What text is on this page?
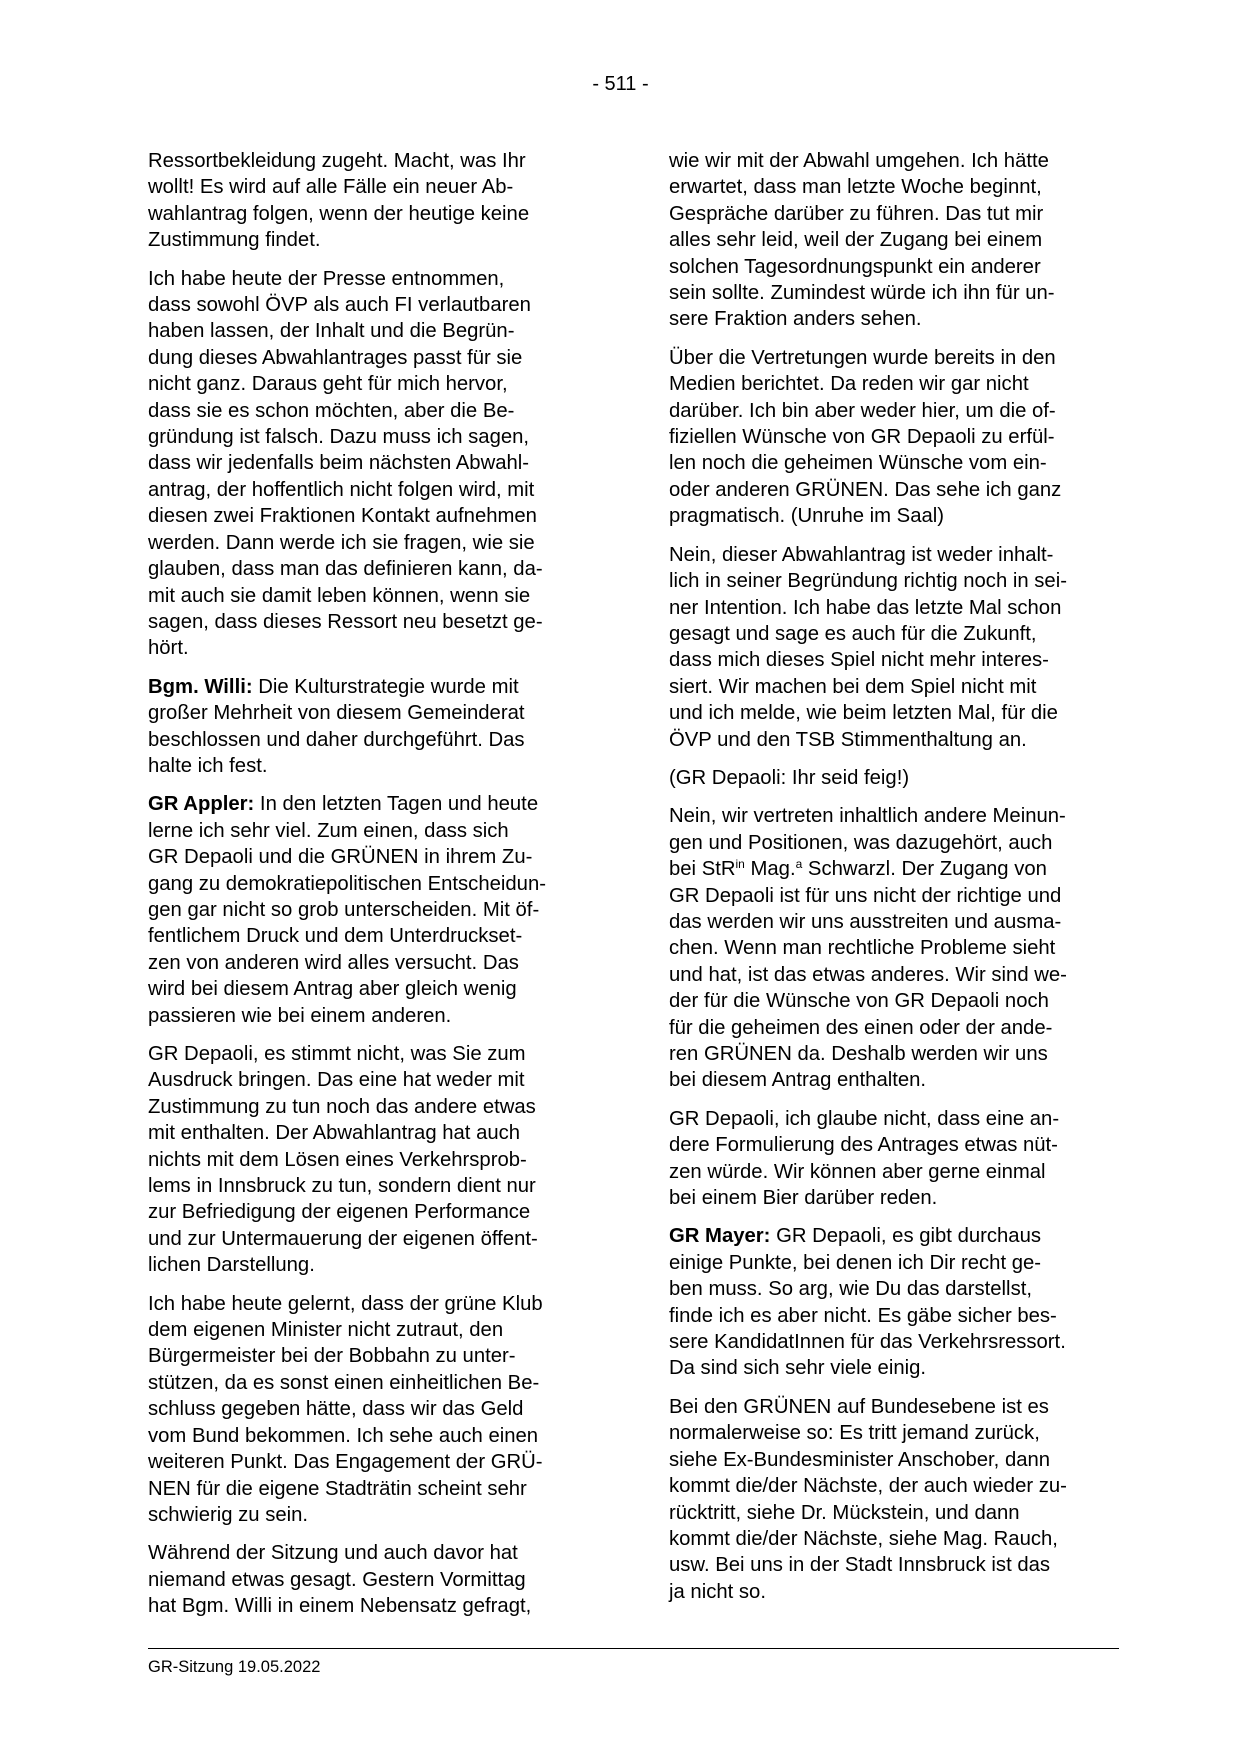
- 511 -

Ressortbekleidung zugeht. Macht, was Ihr
wollt! Es wird auf alle Fälle ein neuer Ab-
wahlantrag folgen, wenn der heutige keine
Zustimmung findet.

Ich habe heute der Presse entnommen,
dass sowohl ÖVP als auch FI verlautbaren
haben lassen, der Inhalt und die Begrün-
dung dieses Abwahlantrages passt für sie
nicht ganz. Daraus geht für mich hervor,
dass sie es schon möchten, aber die Be-
gründung ist falsch. Dazu muss ich sagen,
dass wir jedenfalls beim nächsten Abwahl-
antrag, der hoffentlich nicht folgen wird, mit
diesen zwei Fraktionen Kontakt aufnehmen
werden. Dann werde ich sie fragen, wie sie
glauben, dass man das definieren kann, da-
mit auch sie damit leben können, wenn sie
sagen, dass dieses Ressort neu besetzt ge-
hört.

Bgm. Willi: Die Kulturstrategie wurde mit
großer Mehrheit von diesem Gemeinderat
beschlossen und daher durchgeführt. Das
halte ich fest.

GR Appler: In den letzten Tagen und heute
lerne ich sehr viel. Zum einen, dass sich
GR Depaoli und die GRÜNEN in ihrem Zu-
gang zu demokratiepolitischen Entscheidun-
gen gar nicht so grob unterscheiden. Mit öf-
fentlichem Druck und dem Unterdruckset-
zen von anderen wird alles versucht. Das
wird bei diesem Antrag aber gleich wenig
passieren wie bei einem anderen.

GR Depaoli, es stimmt nicht, was Sie zum
Ausdruck bringen. Das eine hat weder mit
Zustimmung zu tun noch das andere etwas
mit enthalten. Der Abwahlantrag hat auch
nichts mit dem Lösen eines Verkehrsprob-
lems in Innsbruck zu tun, sondern dient nur
zur Befriedigung der eigenen Performance
und zur Untermauerung der eigenen öffent-
lichen Darstellung.

Ich habe heute gelernt, dass der grüne Klub
dem eigenen Minister nicht zutraut, den
Bürgermeister bei der Bobbahn zu unter-
stützen, da es sonst einen einheitlichen Be-
schluss gegeben hätte, dass wir das Geld
vom Bund bekommen. Ich sehe auch einen
weiteren Punkt. Das Engagement der GRÜ-
NEN für die eigene Stadträtin scheint sehr
schwierig zu sein.

Während der Sitzung und auch davor hat
niemand etwas gesagt. Gestern Vormittag
hat Bgm. Willi in einem Nebensatz gefragt,

wie wir mit der Abwahl umgehen. Ich hätte
erwartet, dass man letzte Woche beginnt,
Gespräche darüber zu führen. Das tut mir
alles sehr leid, weil der Zugang bei einem
solchen Tagesordnungspunkt ein anderer
sein sollte. Zumindest würde ich ihn für un-
sere Fraktion anders sehen.

Über die Vertretungen wurde bereits in den
Medien berichtet. Da reden wir gar nicht
darüber. Ich bin aber weder hier, um die of-
fiziellen Wünsche von GR Depaoli zu erfül-
len noch die geheimen Wünsche vom ein-
oder anderen GRÜNEN. Das sehe ich ganz
pragmatisch. (Unruhe im Saal)

Nein, dieser Abwahlantrag ist weder inhalt-
lich in seiner Begründung richtig noch in sei-
ner Intention. Ich habe das letzte Mal schon
gesagt und sage es auch für die Zukunft,
dass mich dieses Spiel nicht mehr interes-
siert. Wir machen bei dem Spiel nicht mit
und ich melde, wie beim letzten Mal, für die
ÖVP und den TSB Stimmenthaltung an.

(GR Depaoli: Ihr seid feig!)

Nein, wir vertreten inhaltlich andere Meinun-
gen und Positionen, was dazugehört, auch
bei StR$^{in}$ Mag.$^a$ Schwarzl. Der Zugang von
GR Depaoli ist für uns nicht der richtige und
das werden wir uns ausstreiten und ausma-
chen. Wenn man rechtliche Probleme sieht
und hat, ist das etwas anderes. Wir sind we-
der für die Wünsche von GR Depaoli noch
für die geheimen des einen oder der ande-
ren GRÜNEN da. Deshalb werden wir uns
bei diesem Antrag enthalten.

GR Depaoli, ich glaube nicht, dass eine an-
dere Formulierung des Antrages etwas nüt-
zen würde. Wir können aber gerne einmal
bei einem Bier darüber reden.

GR Mayer: GR Depaoli, es gibt durchaus
einige Punkte, bei denen ich Dir recht ge-
ben muss. So arg, wie Du das darstellst,
finde ich es aber nicht. Es gäbe sicher bes-
sere KandidatInnen für das Verkehrsressort.
Da sind sich sehr viele einig.

Bei den GRÜNEN auf Bundesebene ist es
normalerweise so: Es tritt jemand zurück,
siehe Ex-Bundesminister Anschober, dann
kommt die/der Nächste, der auch wieder zu-
rücktritt, siehe Dr. Mückstein, und dann
kommt die/der Nächste, siehe Mag. Rauch,
usw. Bei uns in der Stadt Innsbruck ist das
ja nicht so.

GR-Sitzung 19.05.2022
